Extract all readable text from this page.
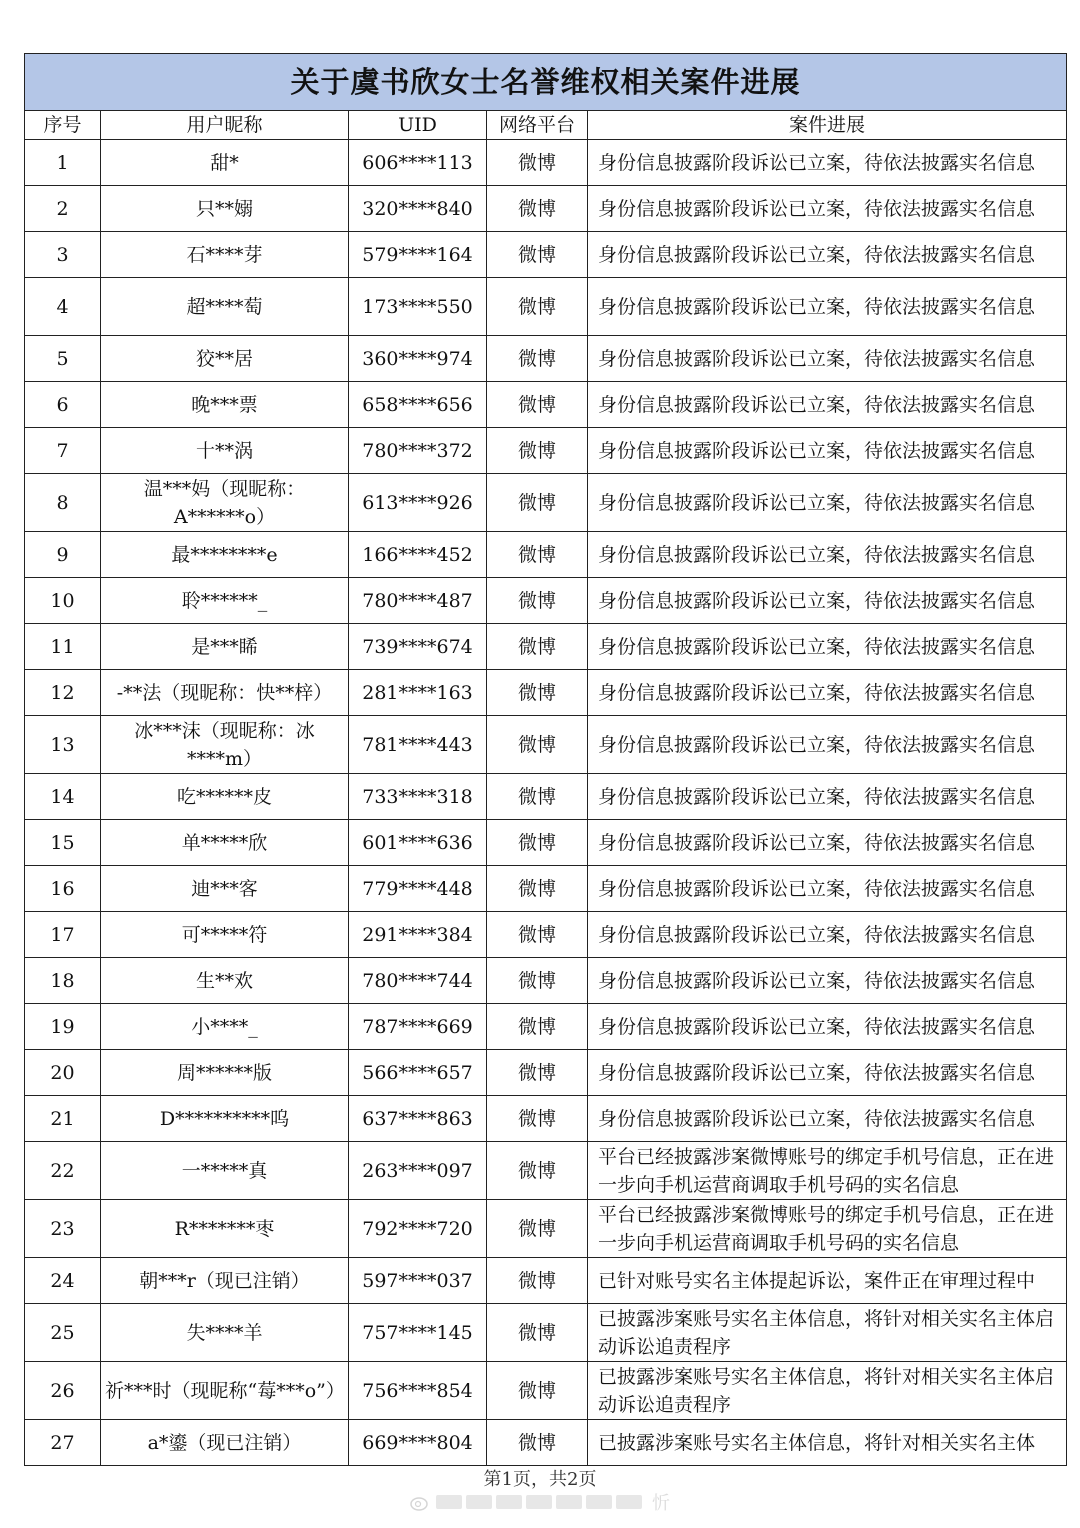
关于虞书欣女士名誉维权相关案件进展				
序号	用户昵称	UID	网络平台	案件进展
1	甜*	606****113	微博	身份信息披露阶段诉讼已立案，待依法披露实名信息
2	只**嫋	320****840	微博	身份信息披露阶段诉讼已立案，待依法披露实名信息
3	石****芽	579****164	微博	身份信息披露阶段诉讼已立案，待依法披露实名信息
4	超****萄	173****550	微博	身份信息披露阶段诉讼已立案，待依法披露实名信息
5	狡**居	360****974	微博	身份信息披露阶段诉讼已立案，待依法披露实名信息
6	晚***票	658****656	微博	身份信息披露阶段诉讼已立案，待依法披露实名信息
7	十**涡	780****372	微博	身份信息披露阶段诉讼已立案，待依法披露实名信息
8	温***妈（现昵称：A******o）	613****926	微博	身份信息披露阶段诉讼已立案，待依法披露实名信息
9	最********e	166****452	微博	身份信息披露阶段诉讼已立案，待依法披露实名信息
10	聆******_	780****487	微博	身份信息披露阶段诉讼已立案，待依法披露实名信息
11	是***睎	739****674	微博	身份信息披露阶段诉讼已立案，待依法披露实名信息
12	-**法（现昵称：快**梓）	281****163	微博	身份信息披露阶段诉讼已立案，待依法披露实名信息
13	冰***沫（现昵称：冰****m）	781****443	微博	身份信息披露阶段诉讼已立案，待依法披露实名信息
14	吃******皮	733****318	微博	身份信息披露阶段诉讼已立案，待依法披露实名信息
15	单*****欣	601****636	微博	身份信息披露阶段诉讼已立案，待依法披露实名信息
16	迪***客	779****448	微博	身份信息披露阶段诉讼已立案，待依法披露实名信息
17	可*****符	291****384	微博	身份信息披露阶段诉讼已立案，待依法披露实名信息
18	生**欢	780****744	微博	身份信息披露阶段诉讼已立案，待依法披露实名信息
19	小****_	787****669	微博	身份信息披露阶段诉讼已立案，待依法披露实名信息
20	周******版	566****657	微博	身份信息披露阶段诉讼已立案，待依法披露实名信息
21	D**********呜	637****863	微博	身份信息披露阶段诉讼已立案，待依法披露实名信息
22	一*****真	263****097	微博	平台已经披露涉案微博账号的绑定手机号信息，正在进一步向手机运营商调取手机号码的实名信息
23	R*******枣	792****720	微博	平台已经披露涉案微博账号的绑定手机号信息，正在进一步向手机运营商调取手机号码的实名信息
24	朝***r（现已注销）	597****037	微博	已针对账号实名主体提起诉讼，案件正在审理过程中
25	失****羊	757****145	微博	已披露涉案账号实名主体信息，将针对相关实名主体启动诉讼追责程序
26	祈***时（现昵称“莓***o”）	756****854	微博	已披露涉案账号实名主体信息，将针对相关实名主体启动诉讼追责程序
27	a*鎏（现已注销）	669****804	微博	已披露涉案账号实名主体信息，将针对相关实名主体
第1页，共2页
忻
